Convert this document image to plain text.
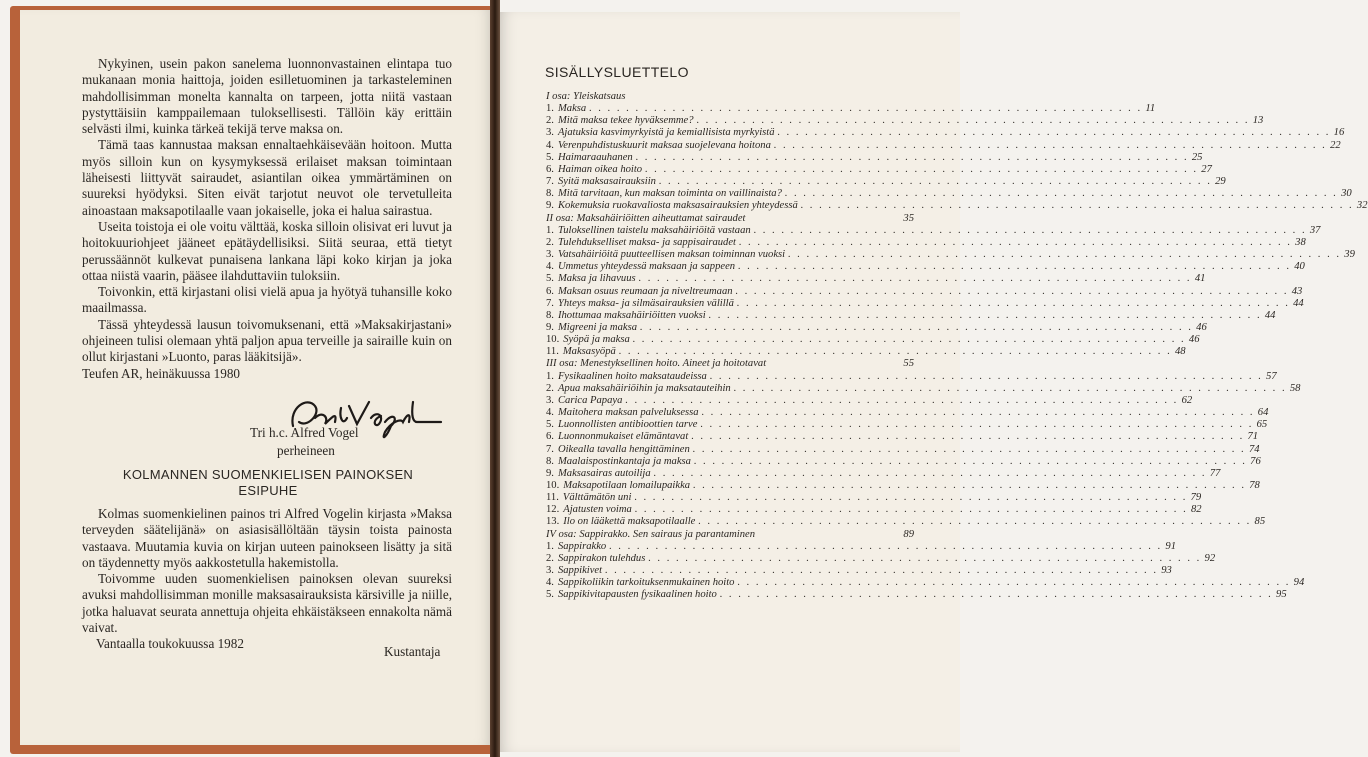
Nykyinen, usein pakon sanelema luonnonvastainen elintapa tuo mukanaan monia haittoja, joiden esilletuominen ja tarkasteleminen mahdollisimman monelta kannalta on tarpeen, jotta niitä vastaan pystyttäisiin kamppailemaan tuloksellisesti. Tällöin käy erittäin selvästi ilmi, kuinka tärkeä tekijä terve maksa on.

Tämä taas kannustaa maksan ennaltaehkäisevään hoitoon. Mutta myös silloin kun on kysymyksessä erilaiset maksan toimintaan läheisesti liittyvät sairaudet, asiantilan oikea ymmärtäminen on suureksi hyödyksi. Siten eivät tarjotut neuvot ole tervetulleita ainoastaan maksapotilaalle vaan jokaiselle, joka ei halua sairastua.

Useita toistoja ei ole voitu välttää, koska silloin olisivat eri luvut ja hoitokuuriohjeet jääneet epätäydellisiksi. Siitä seuraa, että tietyt perussäännöt kulkevat punaisena lankana läpi koko kirjan ja joka ottaa niistä vaarin, pääsee ilahduttaviin tuloksiin.

Toivonkin, että kirjastani olisi vielä apua ja hyötyä tuhansille koko maailmassa.

Tässä yhteydessä lausun toivomuksenani, että »Maksakirjastani» ohjeineen tulisi olemaan yhtä paljon apua terveille ja sairaille kuin on ollut kirjastani »Luonto, paras lääkitsijä».

Teufen AR, heinäkuussa 1980

Tri h.c. Alfred Vogel
perheineen
KOLMANNEN SUOMENKIELISEN PAINOKSEN
ESIPUHE

Kolmas suomenkielinen painos tri Alfred Vogelin kirjasta »Maksa terveyden säätelijänä» on asiasisällöltään täysin toista painosta vastaava. Muutamia kuvia on kirjan uuteen painokseen lisätty ja sitä on täydennetty myös aakkostetulla hakemistolla.

Toivomme uuden suomenkielisen painoksen olevan suureksi avuksi mahdollisimman monille maksasairauksista kärsiville ja niille, jotka haluavat seurata annettuja ohjeita ehkäistäkseen ennakolta nämä vaivat.

Vantaalla toukokuussa 1982

Kustantaja
SISÄLLYSLUETTELO
I osa: Yleiskatsaus
1. Maksa . . .	11
2. Mitä maksa tekee hyväksemme? . . .	13
3. Ajatuksia kasvimyrkyistä ja kemiallisista myrkyistä . . .	16
4. Verenpuhdistuskuurit maksaa suojelevana hoitona . . .	22
5. Haimaraauhanen . . .	25
6. Haiman oikea hoito . . .	27
7. Syitä maksasairauksiin . . .	29
8. Mitä tarvitaan, kun maksan toiminta on vaillinaista? . . .	30
9. Kokemuksia ruokavaliosta maksasairauksien yhteydessä . . .	32
II osa: Maksahäiriöitten aiheuttamat sairaudet	35
1. Tuloksellinen taistelu maksahäiriöitä vastaan . . .	37
2. Tulehdukselliset maksa- ja sappisairaudet . . .	38
3. Vatsahäiriöitä puutteellisen maksan toiminnan vuoksi . . .	39
4. Ummetus yhteydessä maksaan ja sappeen . . .	40
5. Maksa ja lihavuus . . .	41
6. Maksan osuus reumaan ja niveltreumaan . . .	43
7. Yhteys maksa- ja silmäsairauksien välillä . . .	44
8. Ihottumaa maksahäiriöitten vuoksi . . .	44
9. Migreeni ja maksa . . .	46
10. Syöpä ja maksa . . .	46
11. Maksasyöpä . . .	48
III osa: Menestyksellinen hoito. Aineet ja hoitotavat	55
1. Fysikaalinen hoito maksataudeissa . . .	57
2. Apua maksahäiriöihin ja maksatauteihin . . .	58
3. Carica Papaya . . .	62
4. Maitohera maksan palveluksessa . . .	64
5. Luonnollisten antibioottien tarve . . .	65
6. Luonnonmukaiset elämäntavat . . .	71
7. Oikealla tavalla hengittäminen . . .	74
8. Maalaispostinkantaja ja maksa . . .	76
9. Maksasairas autoilija . . .	77
10. Maksapotilaan lomailupaikka . . .	78
11. Välttämätön uni . . .	79
12. Ajatusten voima . . .	82
13. Ilo on lääkettä maksapotilaalle . . .	85
IV osa: Sappirakko. Sen sairaus ja parantaminen	89
1. Sappirakko . . .	91
2. Sappirakon tulehdus . . .	92
3. Sappikivet . . .	93
4. Sappikoliikin tarkoituksenmukainen hoito . . .	94
5. Sappikivitapausten fysikaalinen hoito . . .	95
